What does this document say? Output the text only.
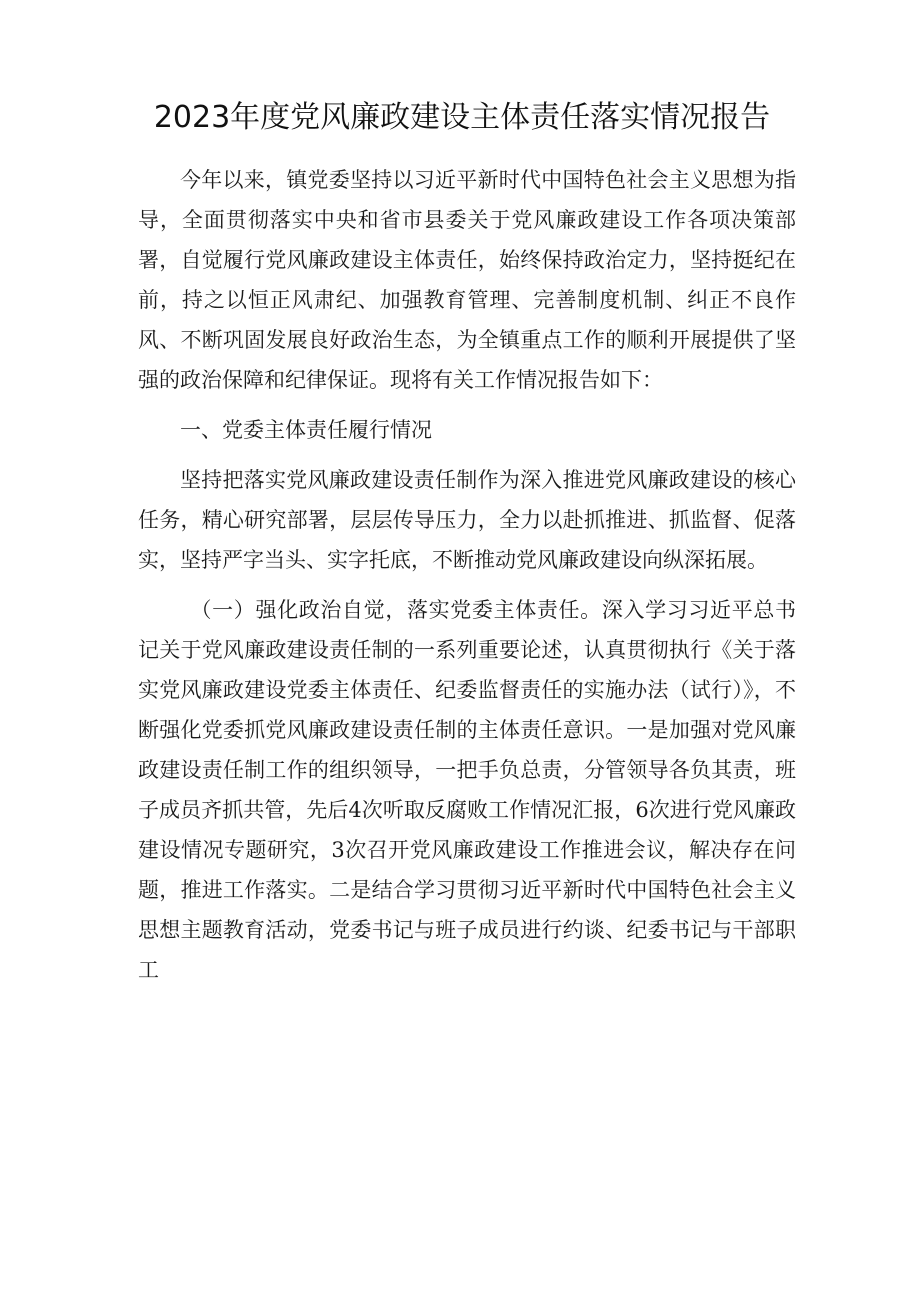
2023年度党风廉政建设主体责任落实情况报告

今年以来，镇党委坚持以习近平新时代中国特色社会主义思想为指导，全面贯彻落实中央和省市县委关于党风廉政建设工作各项决策部署，自觉履行党风廉政建设主体责任，始终保持政治定力，坚持挺纪在前，持之以恒正风肃纪、加强教育管理、完善制度机制、纠正不良作风、不断巩固发展良好政治生态，为全镇重点工作的顺利开展提供了坚强的政治保障和纪律保证。现将有关工作情况报告如下：

一、党委主体责任履行情况

坚持把落实党风廉政建设责任制作为深入推进党风廉政建设的核心任务，精心研究部署，层层传导压力，全力以赴抓推进、抓监督、促落实，坚持严字当头、实字托底，不断推动党风廉政建设向纵深拓展。

（一）强化政治自觉，落实党委主体责任。深入学习习近平总书记关于党风廉政建设责任制的一系列重要论述，认真贯彻执行《关于落实党风廉政建设党委主体责任、纪委监督责任的实施办法（试行）》，不断强化党委抓党风廉政建设责任制的主体责任意识。一是加强对党风廉政建设责任制工作的组织领导，一把手负总责，分管领导各负其责，班子成员齐抓共管，先后4次听取反腐败工作情况汇报，6次进行党风廉政建设情况专题研究，3次召开党风廉政建设工作推进会议，解决存在问题，推进工作落实。二是结合学习贯彻习近平新时代中国特色社会主义思想主题教育活动，党委书记与班子成员进行约谈、纪委书记与干部职工
